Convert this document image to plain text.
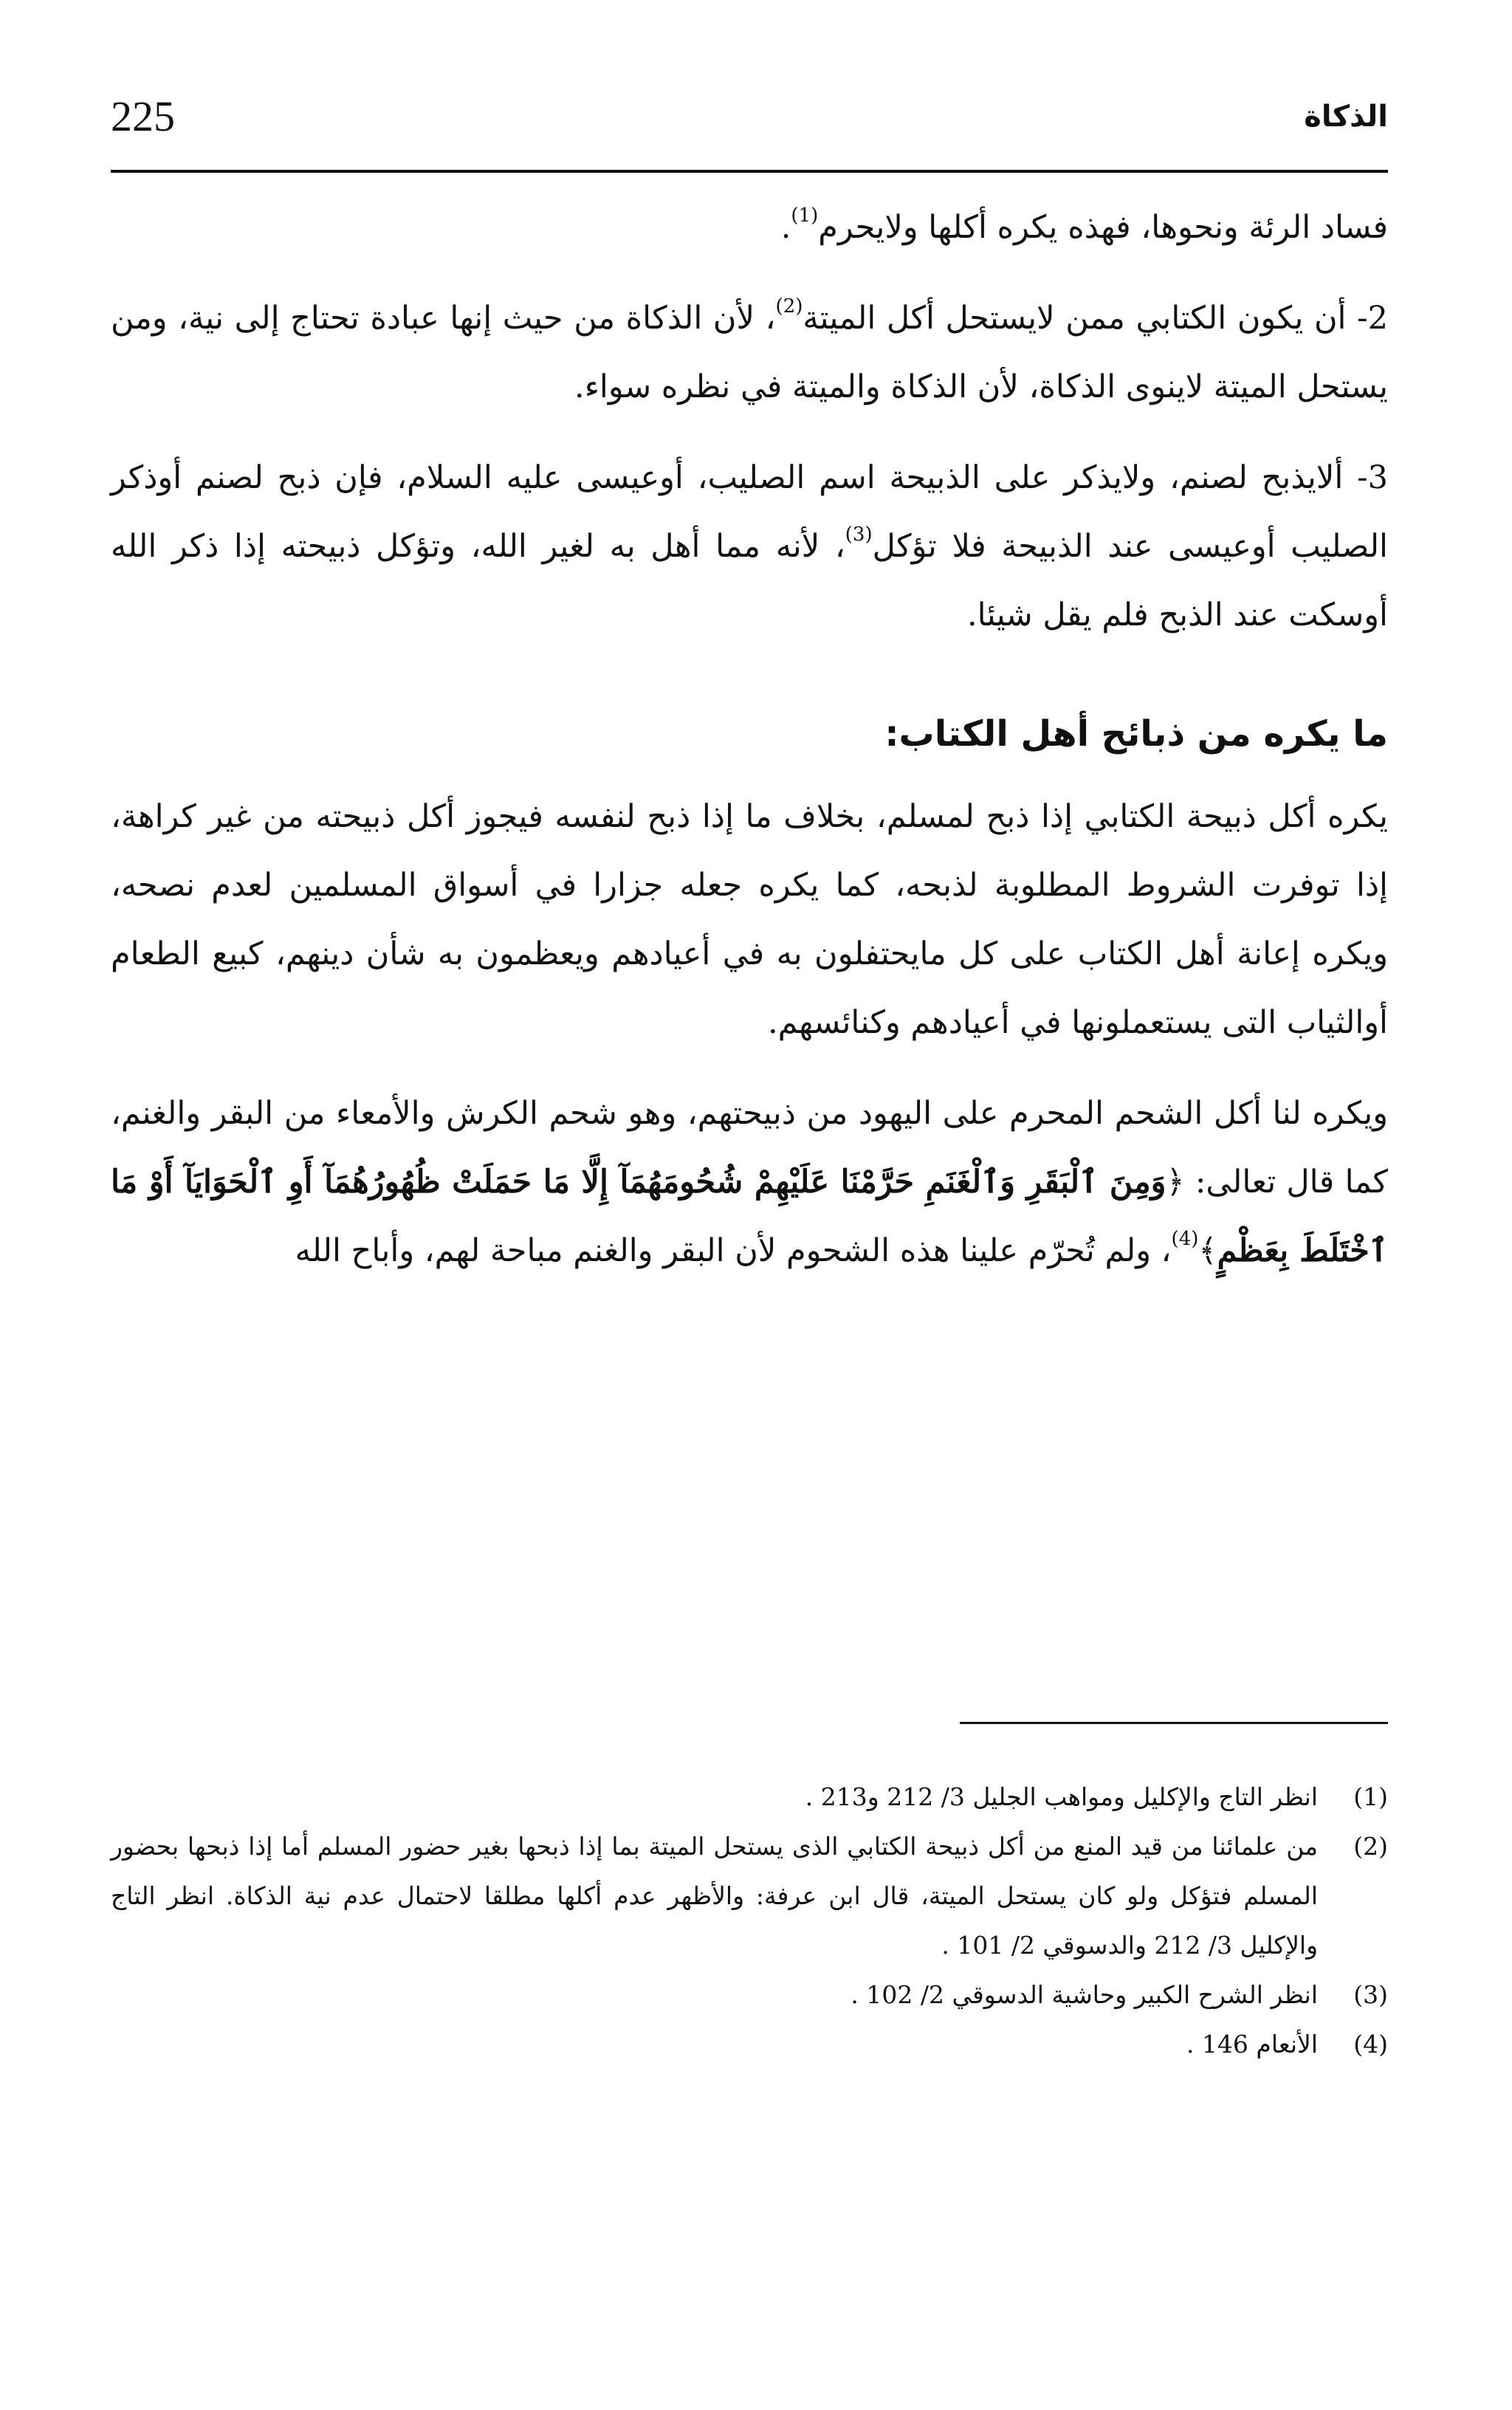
225	الذكاة

فساد الرئة ونحوها، فهذه يكره أكلها ولايحرم$^{(1)}$.

2- أن يكون الكتابي ممن لايستحل أكل الميتة$^{(2)}$، لأن الذكاة من حيث إنها عبادة تحتاج إلى نية، ومن يستحل الميتة لاينوى الذكاة، لأن الذكاة والميتة في نظره سواء.

3- ألايذبح لصنم، ولايذكر على الذبيحة اسم الصليب، أوعيسى عليه السلام، فإن ذبح لصنم أوذكر الصليب أوعيسى عند الذبيحة فلا تؤكل$^{(3)}$، لأنه مما أهل به لغير الله، وتؤكل ذبيحته إذا ذكر الله أوسكت عند الذبح فلم يقل شيئا.

ما يكره من ذبائح أهل الكتاب:

يكره أكل ذبيحة الكتابي إذا ذبح لمسلم، بخلاف ما إذا ذبح لنفسه فيجوز أكل ذبيحته من غير كراهة، إذا توفرت الشروط المطلوبة لذبحه، كما يكره جعله جزارا في أسواق المسلمين لعدم نصحه، ويكره إعانة أهل الكتاب على كل مايحتفلون به في أعيادهم ويعظمون به شأن دينهم، كبيع الطعام أوالثياب التى يستعملونها في أعيادهم وكنائسهم.

ويكره لنا أكل الشحم المحرم على اليهود من ذبيحتهم، وهو شحم الكرش والأمعاء من البقر والغنم، كما قال تعالى: ﴿وَمِنَ ٱلْبَقَرِ وَٱلْغَنَمِ حَرَّمْنَا عَلَيْهِمْ شُحُومَهُمَآ إِلَّا مَا حَمَلَتْ ظُهُورُهُمَآ أَوِ ٱلْحَوَايَآ أَوْ مَا ٱخْتَلَطَ بِعَظْمٍ﴾$^{(4)}$، ولم تُحرّم علينا هذه الشحوم لأن البقر والغنم مباحة لهم، وأباح الله

(1)
انظر التاج والإكليل ومواهب الجليل 3/ 212 و213 .
(2)
من علمائنا من قيد المنع من أكل ذبيحة الكتابي الذى يستحل الميتة بما إذا ذبحها بغير حضور المسلم أما إذا ذبحها بحضور المسلم فتؤكل ولو كان يستحل الميتة، قال ابن عرفة: والأظهر عدم أكلها مطلقا لاحتمال عدم نية الذكاة. انظر التاج والإكليل 3/ 212 والدسوقي 2/ 101 .
(3)
انظر الشرح الكبير وحاشية الدسوقي 2/ 102 .
(4)
الأنعام 146 .
